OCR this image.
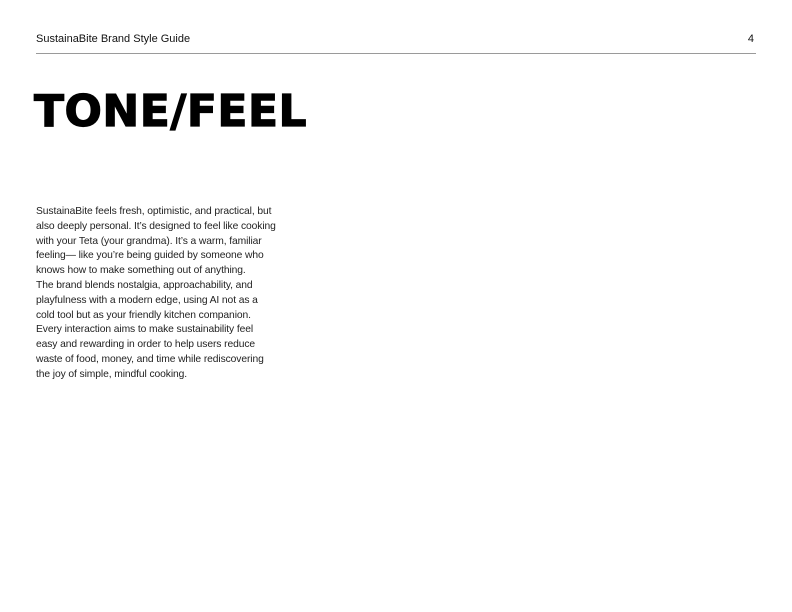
SustainaBite Brand Style Guide	4
TONE/FEEL

SustainaBite feels fresh, optimistic, and practical, but
also deeply personal. It’s designed to feel like cooking
with your Teta (your grandma). It’s a warm, familiar
feeling— like you’re being guided by someone who
knows how to make something out of anything.
The brand blends nostalgia, approachability, and
playfulness with a modern edge, using AI not as a
cold tool but as your friendly kitchen companion.
Every interaction aims to make sustainability feel
easy and rewarding in order to help users reduce
waste of food, money, and time while rediscovering
the joy of simple, mindful cooking.
